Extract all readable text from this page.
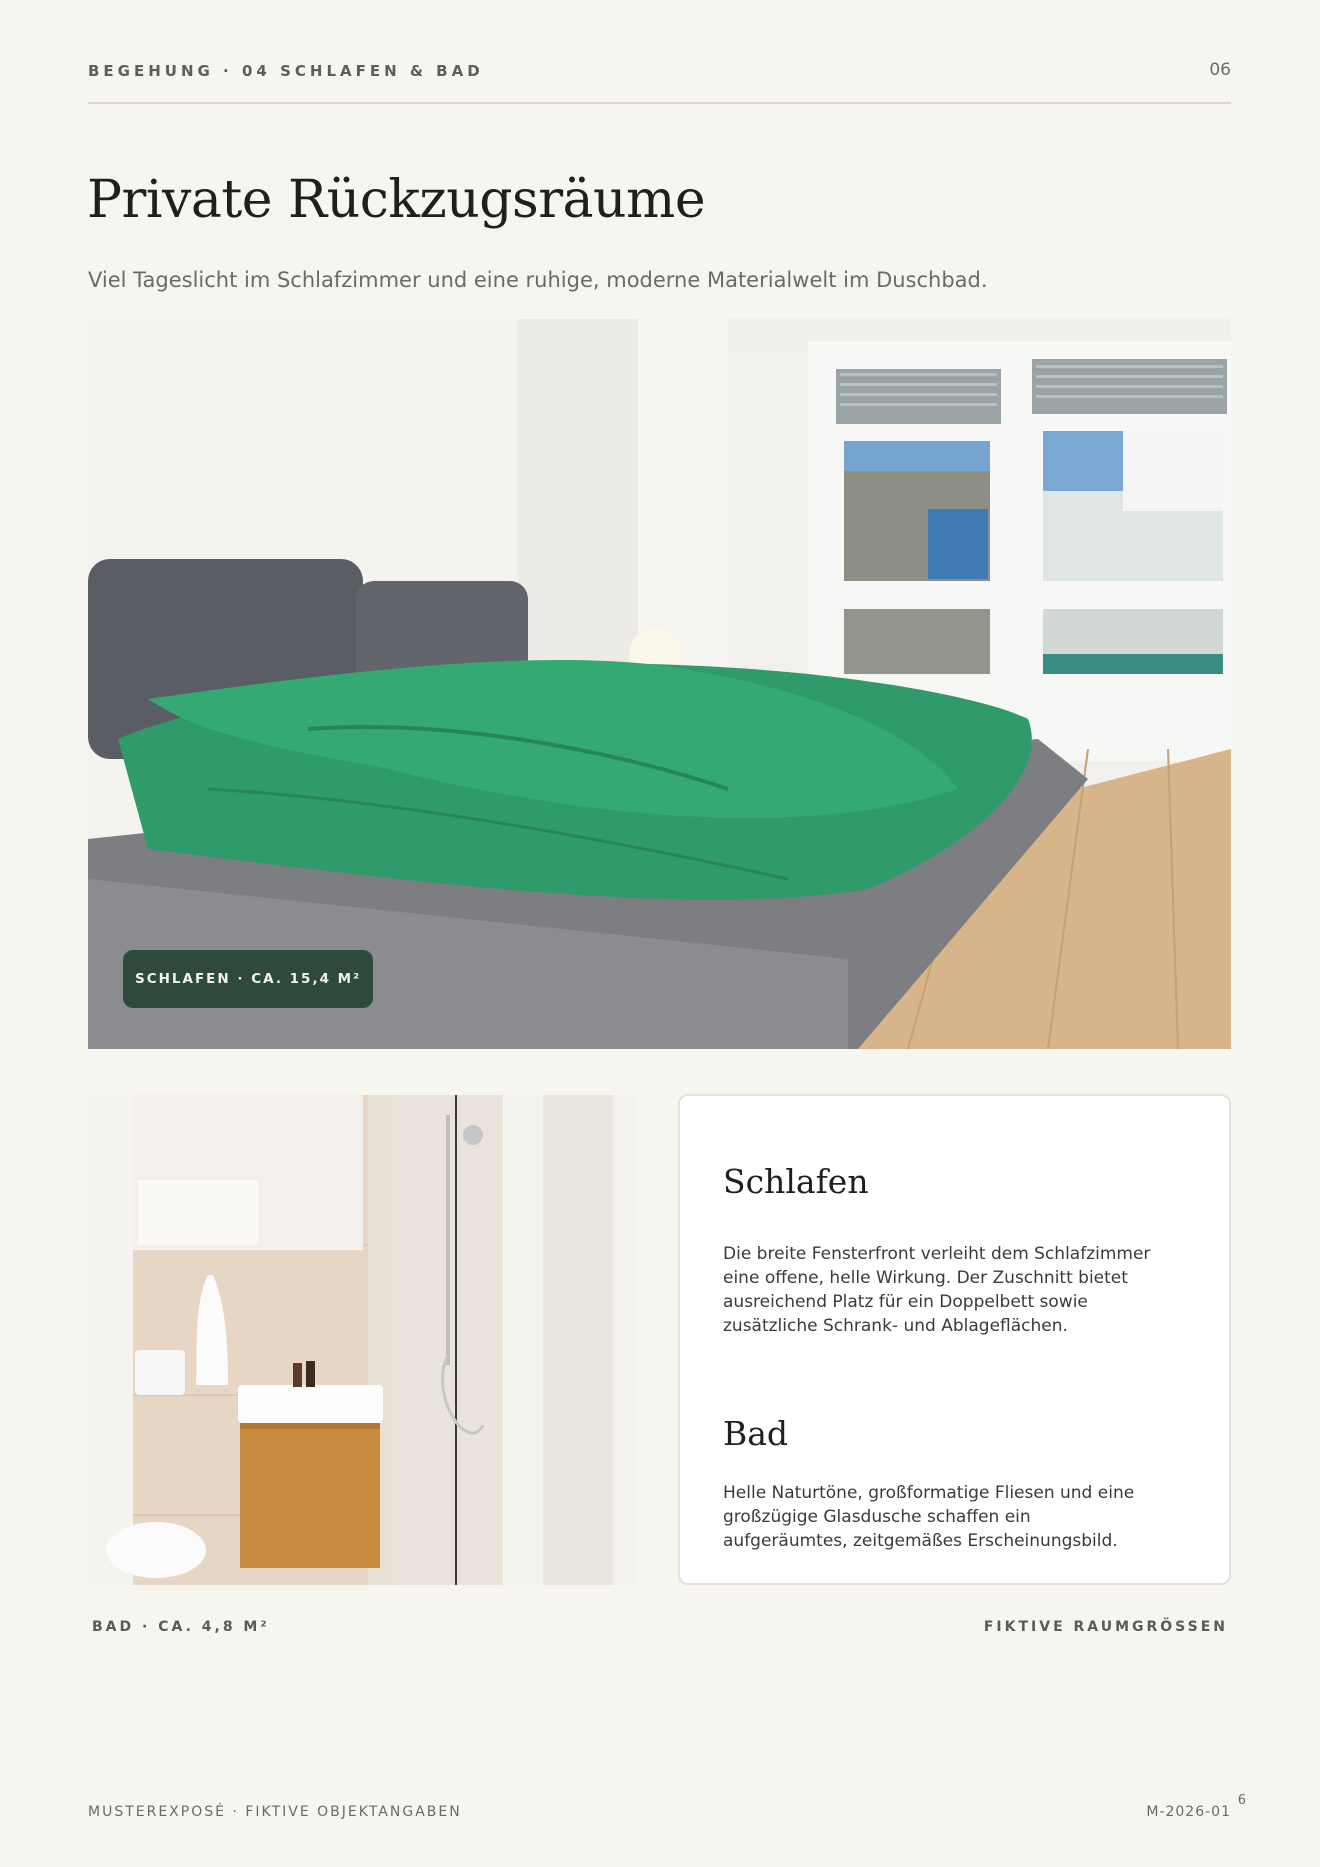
BEGEHUNG · 04 SCHLAFEN & BAD	06
Private Rückzugsräume
Viel Tageslicht im Schlafzimmer und eine ruhige, moderne Materialwelt im Duschbad.
SCHLAFEN · CA. 15,4 M²
Schlafen

Die breite Fensterfront verleiht dem Schlafzimmer eine offene, helle Wirkung. Der Zuschnitt bietet ausreichend Platz für ein Doppelbett sowie zusätzliche Schrank- und Ablageflächen.

Bad

Helle Naturtöne, großformatige Fliesen und eine großzügige Glasdusche schaffen ein aufgeräumtes, zeitgemäßes Erscheinungsbild.

BAD · CA. 4,8 M²	FIKTIVE RAUMGRÖSSEN
MUSTEREXPOSÉ · FIKTIVE OBJEKTANGABEN	M-2026-01
6
